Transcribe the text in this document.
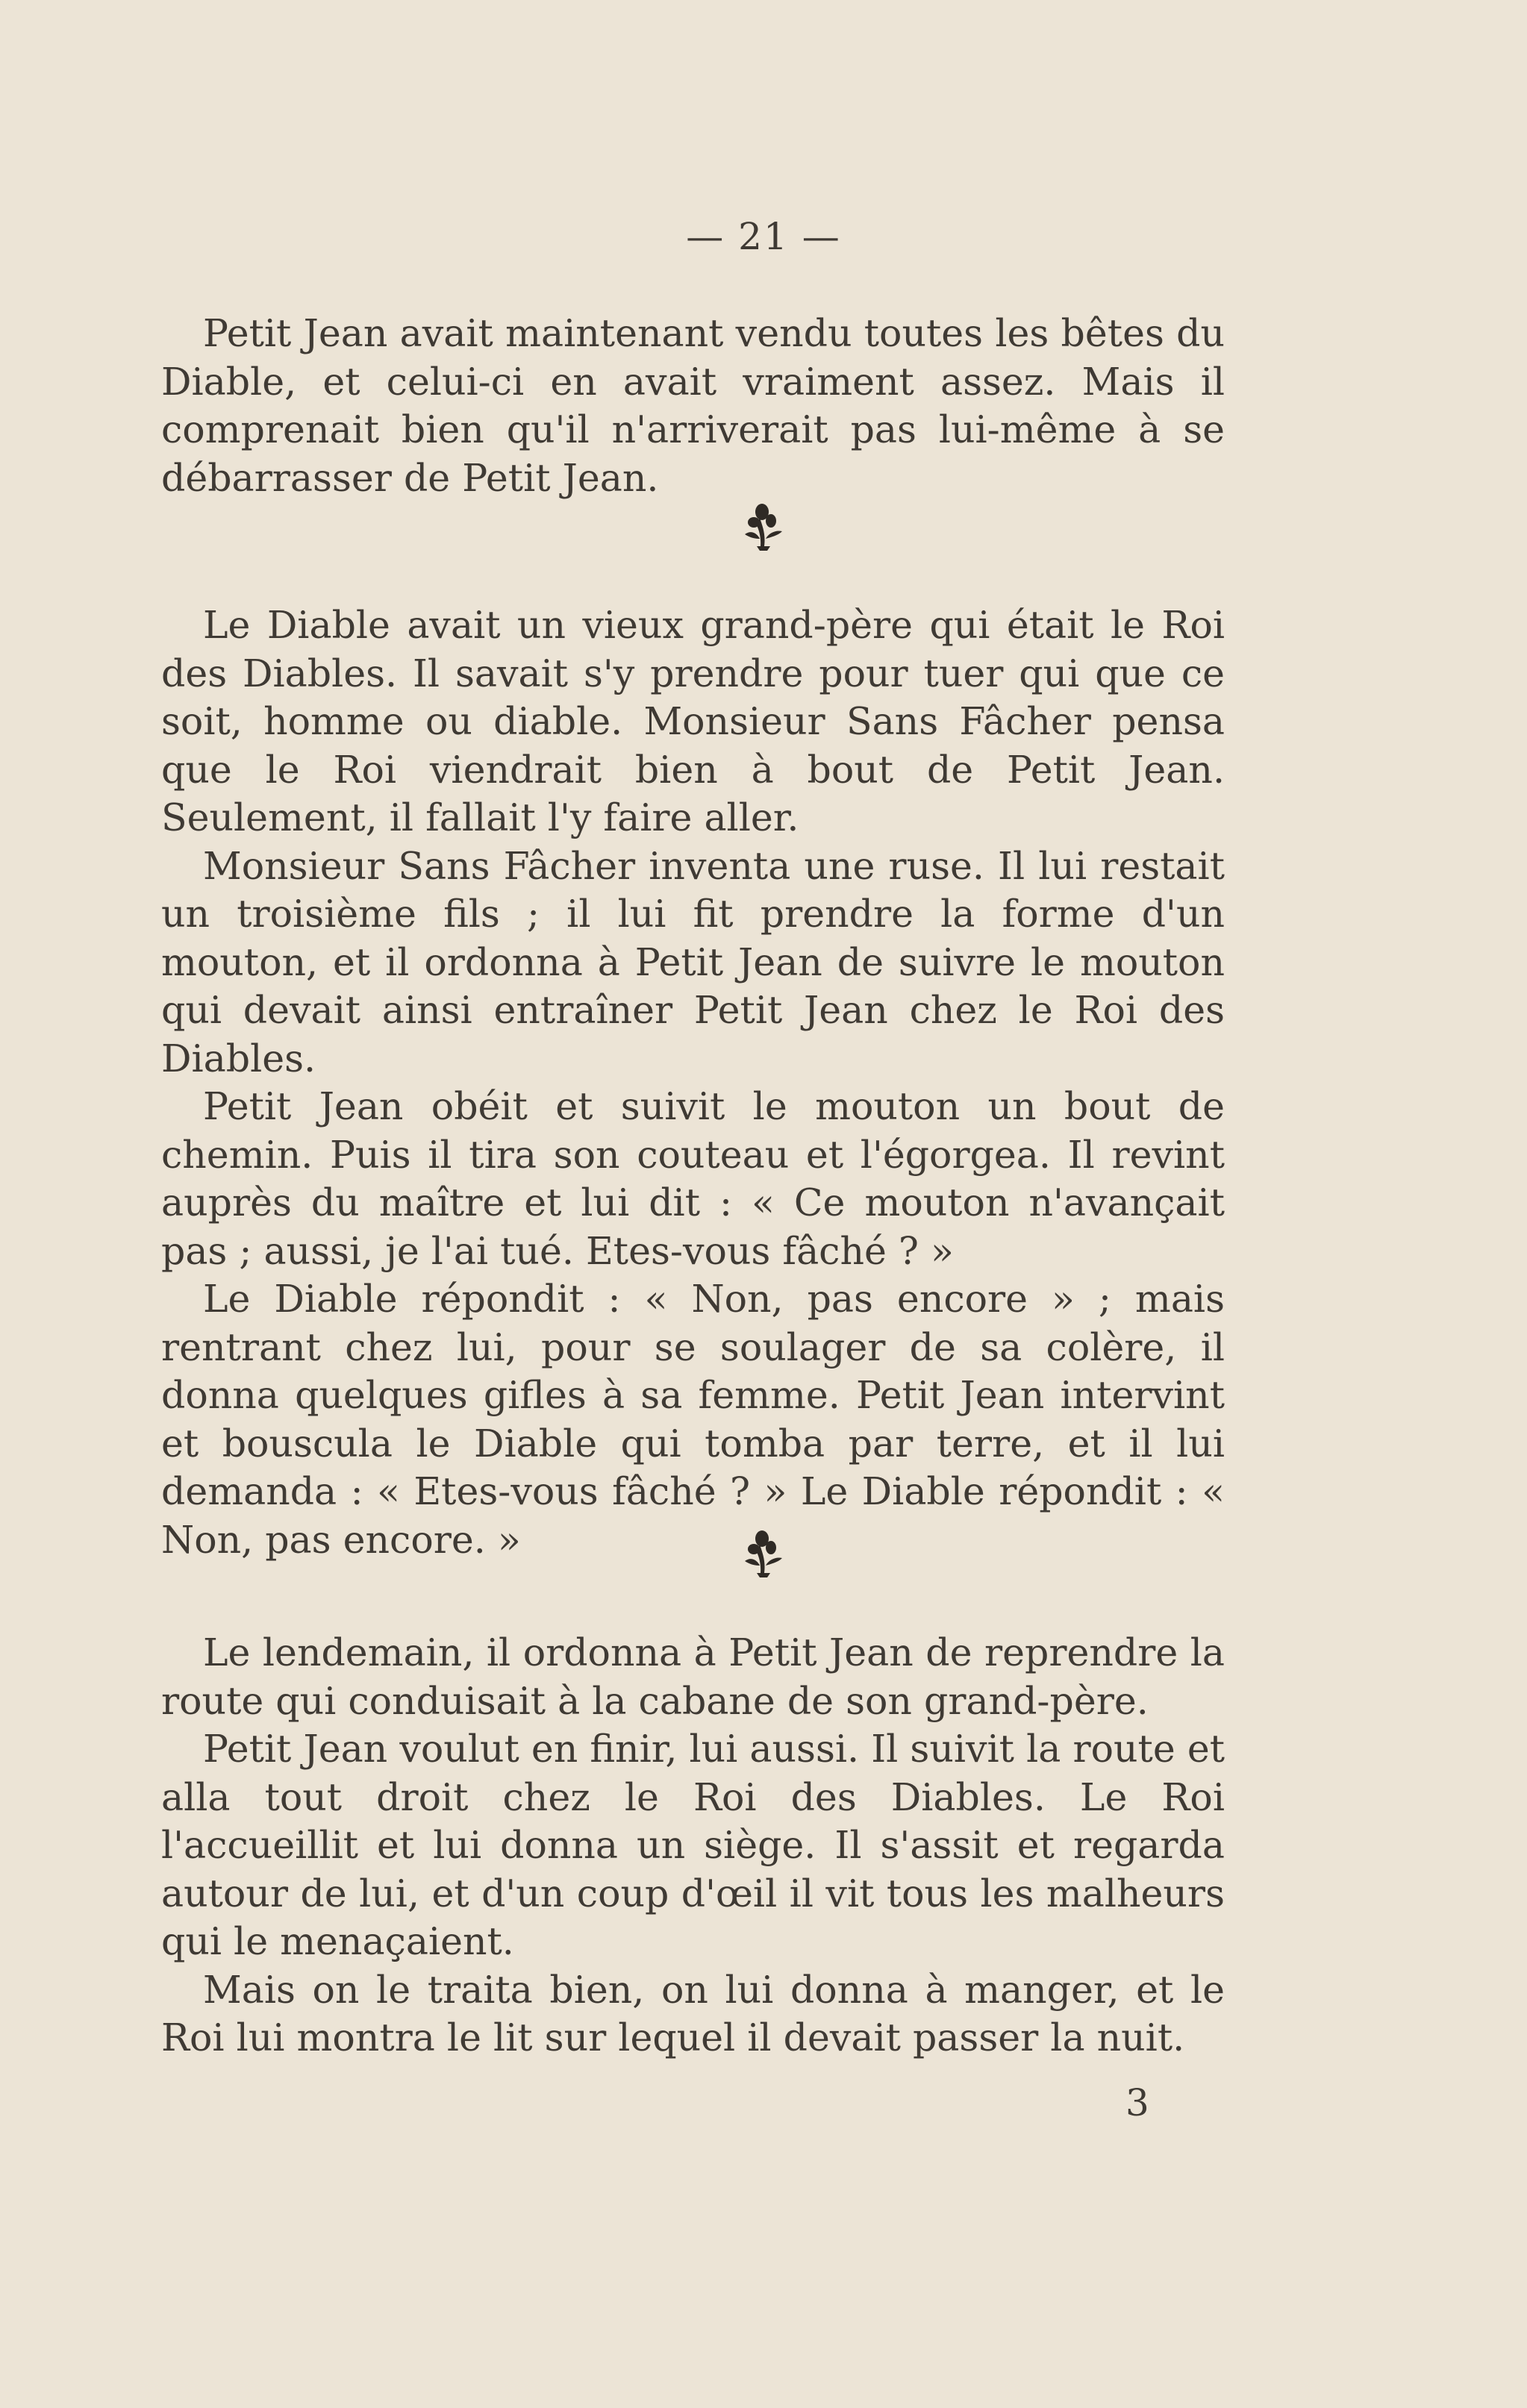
— 21 —

Petit Jean avait maintenant vendu toutes les bêtes du Diable, et celui-ci en avait vraiment assez. Mais il comprenait bien qu'il n'arriverait pas lui-même à se débarrasser de Petit Jean.

Le Diable avait un vieux grand-père qui était le Roi des Diables. Il savait s'y prendre pour tuer qui que ce soit, homme ou diable. Monsieur Sans Fâcher pensa que le Roi viendrait bien à bout de Petit Jean. Seulement, il fallait l'y faire aller.

Monsieur Sans Fâcher inventa une ruse. Il lui restait un troisième fils ; il lui fit prendre la forme d'un mouton, et il ordonna à Petit Jean de suivre le mouton qui devait ainsi entraîner Petit Jean chez le Roi des Diables.

Petit Jean obéit et suivit le mouton un bout de chemin. Puis il tira son couteau et l'égorgea. Il revint auprès du maître et lui dit : « Ce mouton n'avançait pas ; aussi, je l'ai tué. Etes-vous fâché ? »

Le Diable répondit : « Non, pas encore » ; mais rentrant chez lui, pour se soulager de sa colère, il donna quelques gifles à sa femme. Petit Jean intervint et bouscula le Diable qui tomba par terre, et il lui demanda : « Etes-vous fâché ? » Le Diable répondit : « Non, pas encore. »

Le lendemain, il ordonna à Petit Jean de reprendre la route qui conduisait à la cabane de son grand-père.

Petit Jean voulut en finir, lui aussi. Il suivit la route et alla tout droit chez le Roi des Diables. Le Roi l'accueillit et lui donna un siège. Il s'assit et regarda autour de lui, et d'un coup d'œil il vit tous les malheurs qui le menaçaient.

Mais on le traita bien, on lui donna à manger, et le Roi lui montra le lit sur lequel il devait passer la nuit.

3
